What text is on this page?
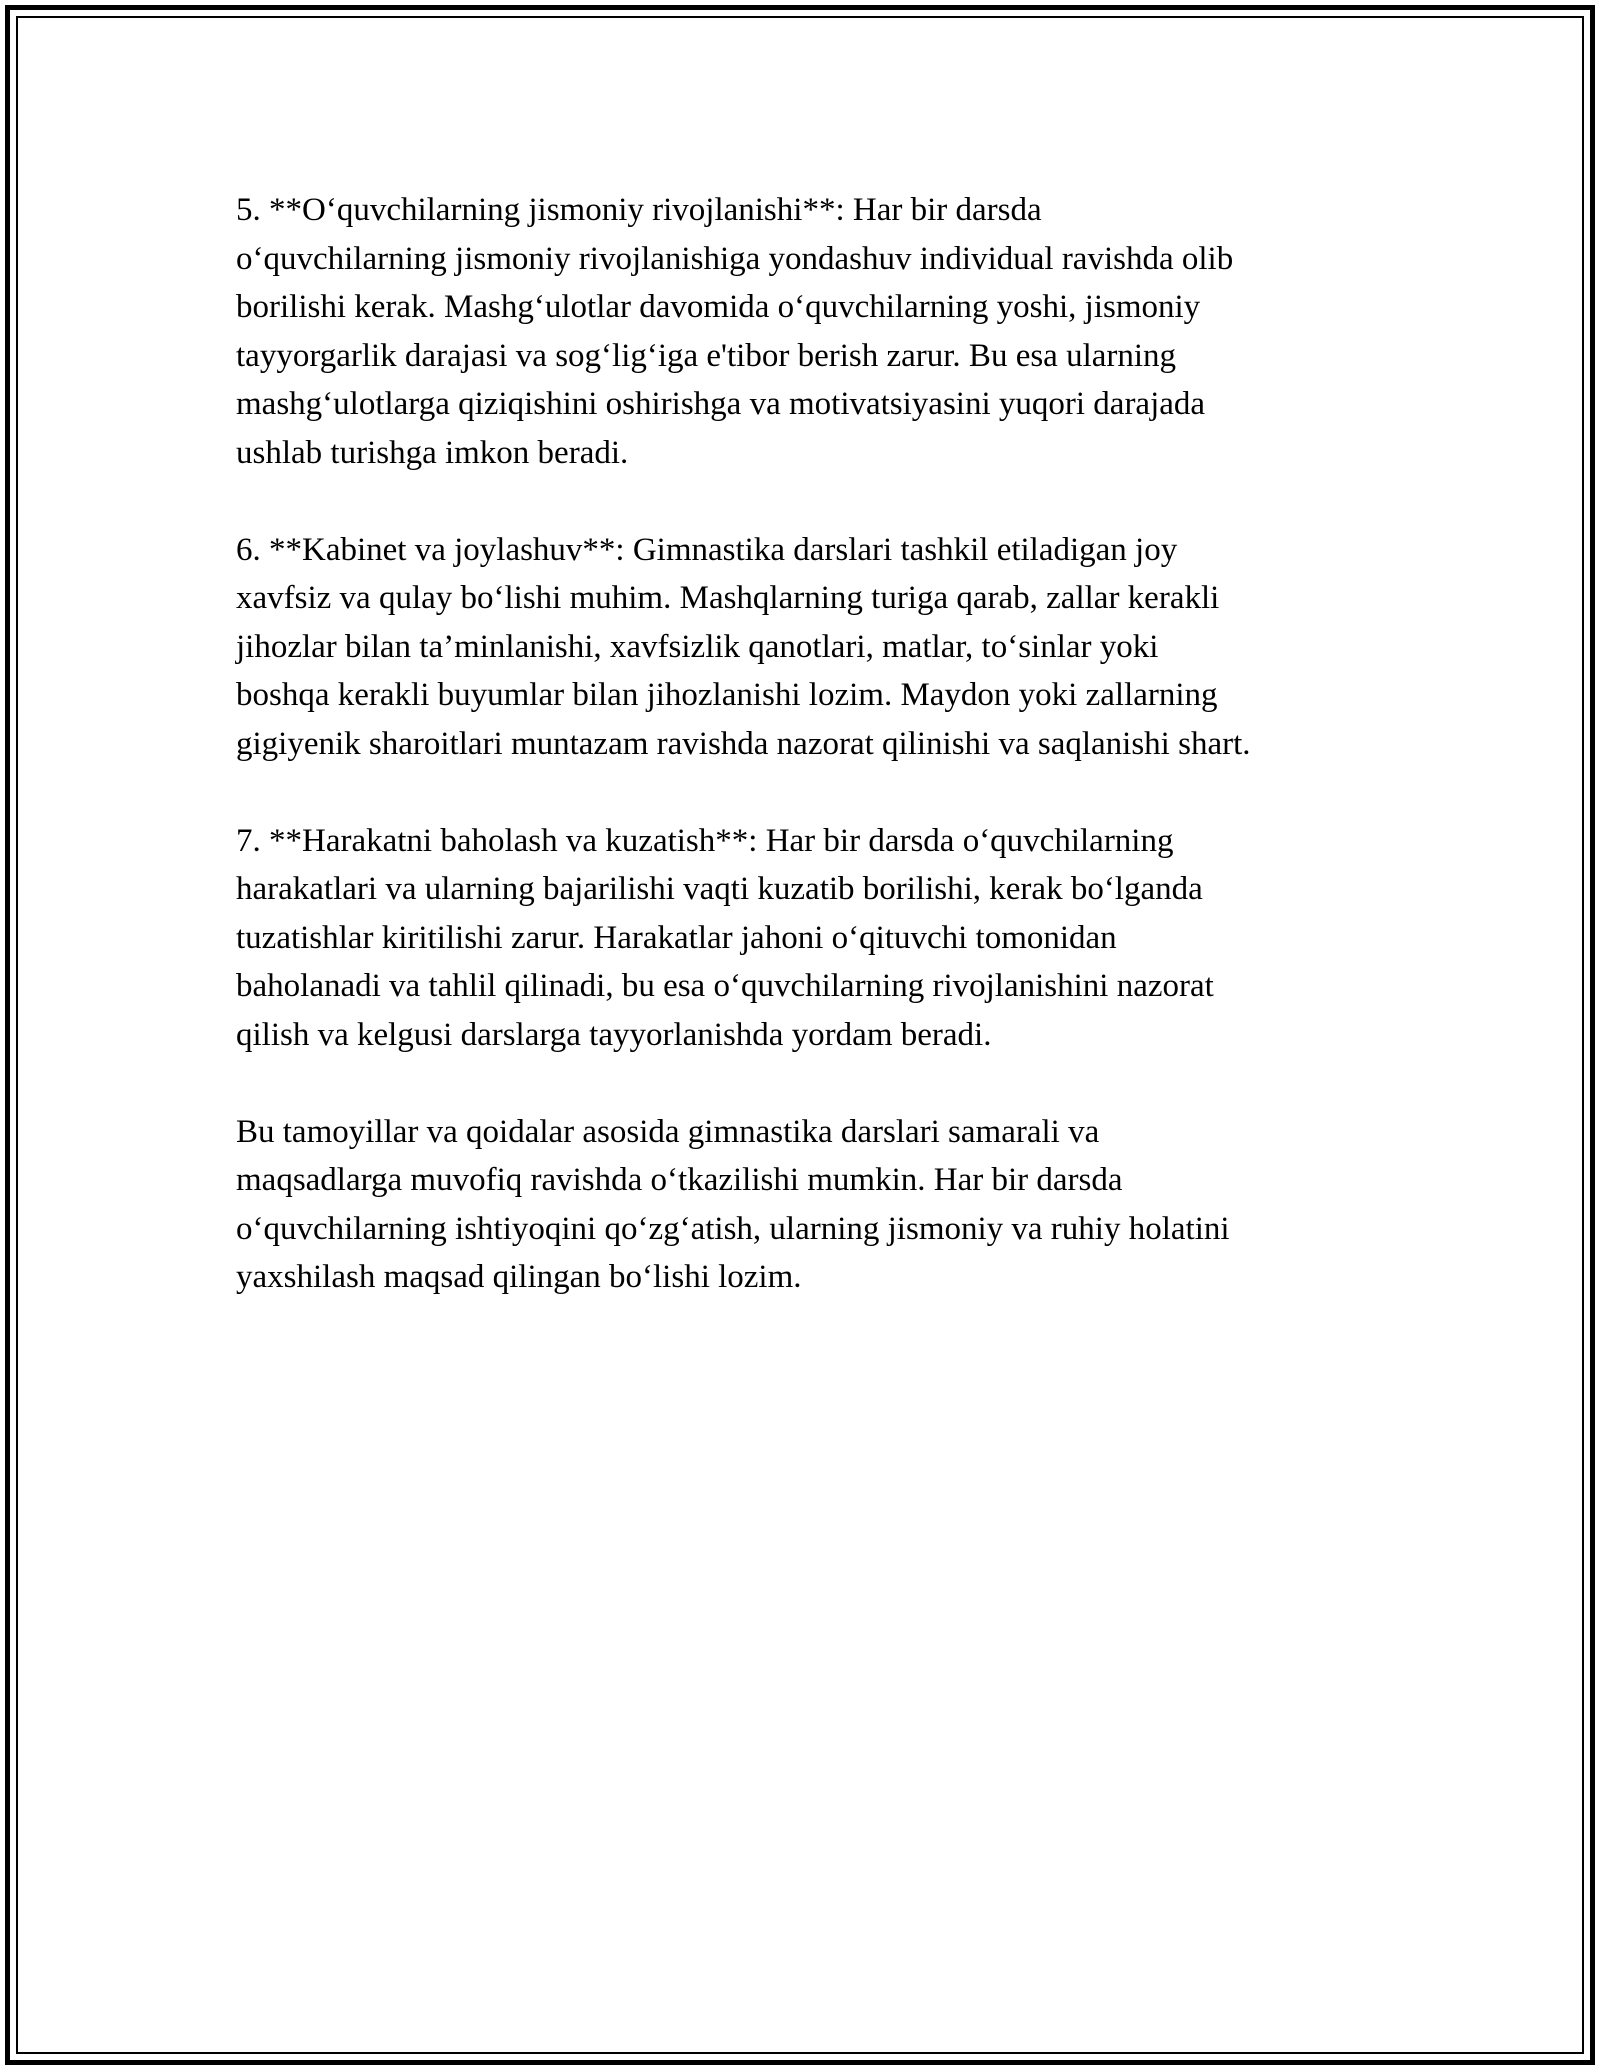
5. **O‘quvchilarning jismoniy rivojlanishi**: Har bir darsda
o‘quvchilarning jismoniy rivojlanishiga yondashuv individual ravishda olib
borilishi kerak. Mashg‘ulotlar davomida o‘quvchilarning yoshi, jismoniy
tayyorgarlik darajasi va sog‘lig‘iga e'tibor berish zarur. Bu esa ularning
mashg‘ulotlarga qiziqishini oshirishga va motivatsiyasini yuqori darajada
ushlab turishga imkon beradi.

6. **Kabinet va joylashuv**: Gimnastika darslari tashkil etiladigan joy
xavfsiz va qulay bo‘lishi muhim. Mashqlarning turiga qarab, zallar kerakli
jihozlar bilan ta’minlanishi, xavfsizlik qanotlari, matlar, to‘sinlar yoki
boshqa kerakli buyumlar bilan jihozlanishi lozim. Maydon yoki zallarning
gigiyenik sharoitlari muntazam ravishda nazorat qilinishi va saqlanishi shart.

7. **Harakatni baholash va kuzatish**: Har bir darsda o‘quvchilarning
harakatlari va ularning bajarilishi vaqti kuzatib borilishi, kerak bo‘lganda
tuzatishlar kiritilishi zarur. Harakatlar jahoni o‘qituvchi tomonidan
baholanadi va tahlil qilinadi, bu esa o‘quvchilarning rivojlanishini nazorat
qilish va kelgusi darslarga tayyorlanishda yordam beradi.

Bu tamoyillar va qoidalar asosida gimnastika darslari samarali va
maqsadlarga muvofiq ravishda o‘tkazilishi mumkin. Har bir darsda
o‘quvchilarning ishtiyoqini qo‘zg‘atish, ularning jismoniy va ruhiy holatini
yaxshilash maqsad qilingan bo‘lishi lozim.
